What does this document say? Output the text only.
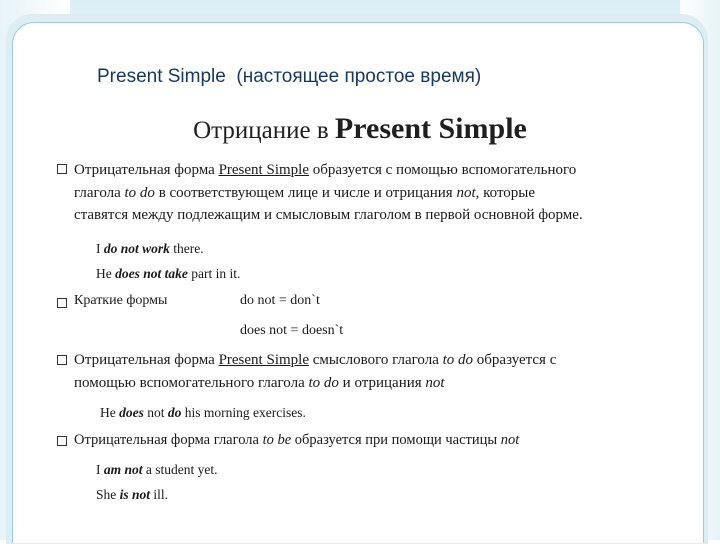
Present Simple  (настоящее простое время)
Отрицание в Present Simple
Отрицательная форма Present Simple образуется с помощью вспомогательного
глагола to do в соответствующем лице и числе и отрицания not, которые
ставятся между подлежащим и смысловым глаголом в первой основной форме.
I do not work there.
He does not take part in it.
Краткие формы	do not = don`t
does not = doesn`t
Отрицательная форма Present Simple смыслового глагола to do образуется с
помощью вспомогательного глагола to do и отрицания not
He does not do his morning exercises.
Отрицательная форма глагола to be образуется при помощи частицы not
I am not a student yet.
She is not ill.
